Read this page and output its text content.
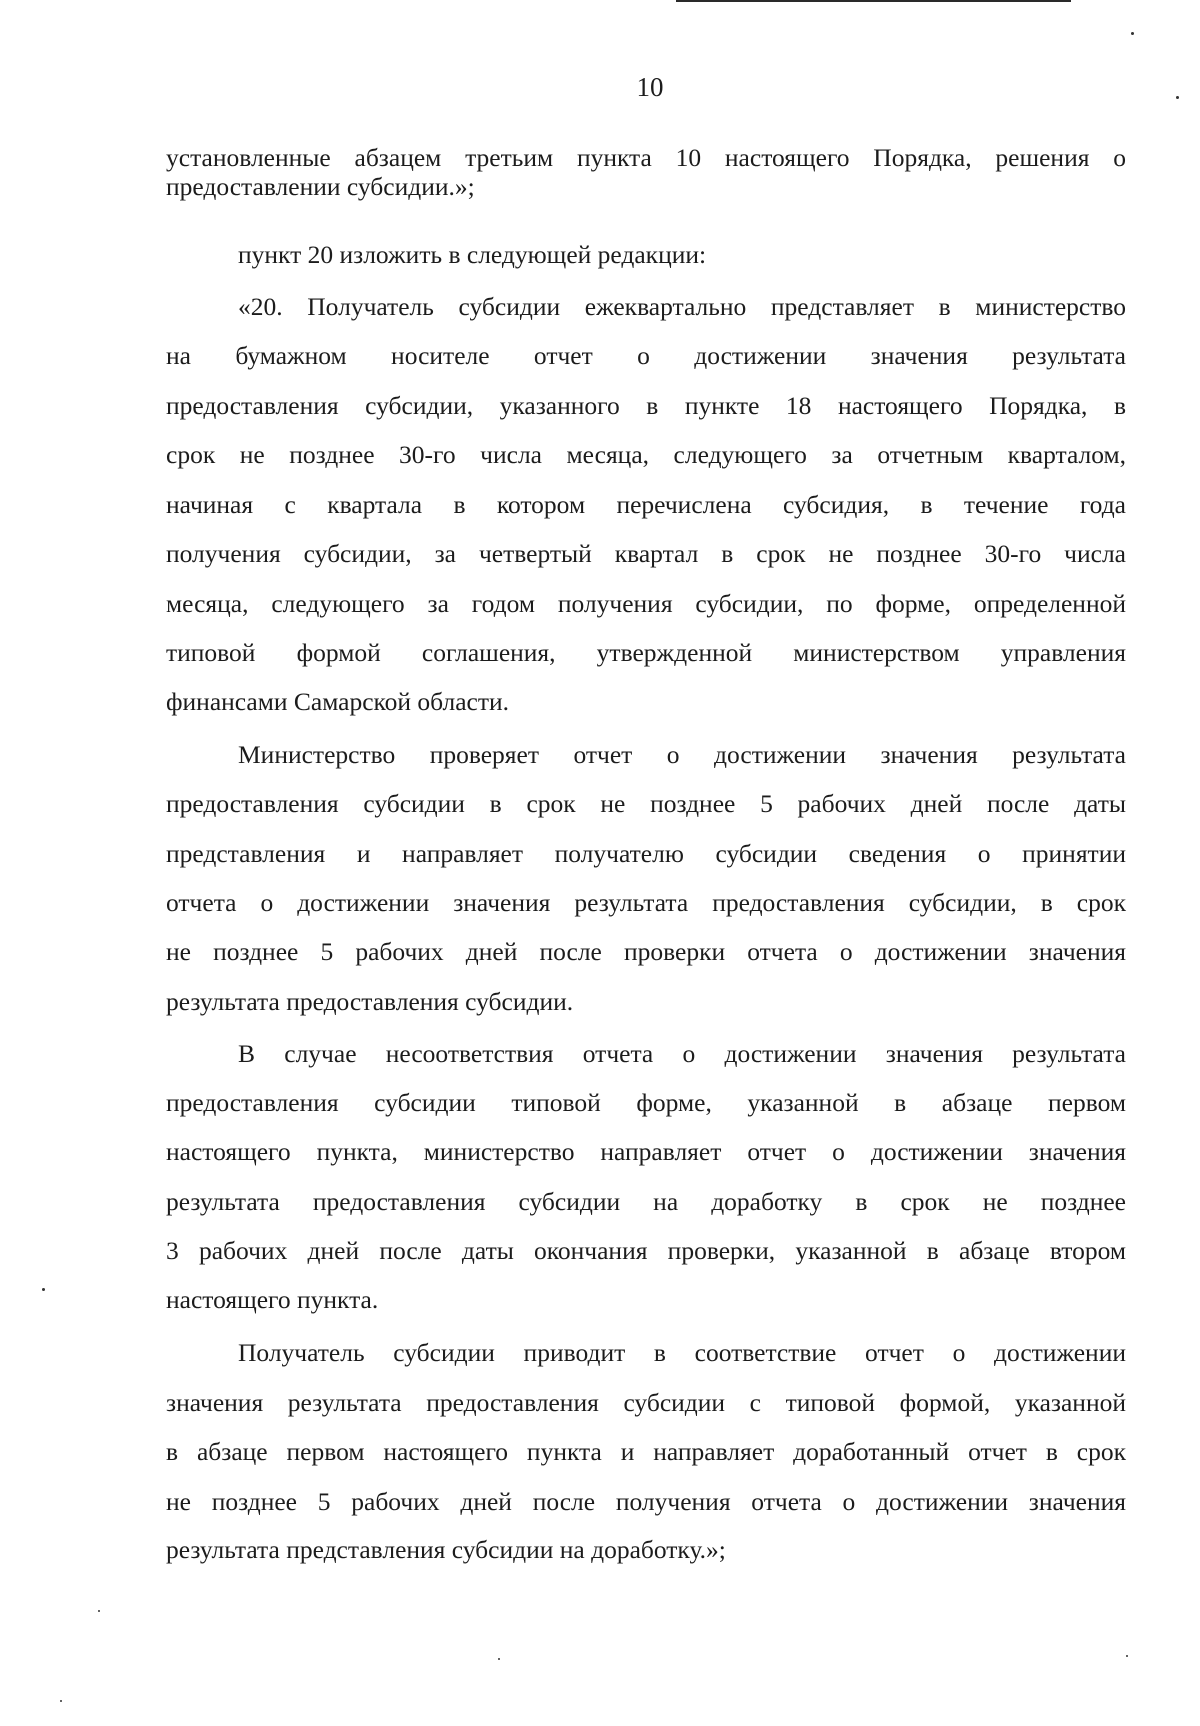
10
установленные абзацем третьим пункта 10 настоящего Порядка, решения о
предоставлении субсидии.»;
пункт 20 изложить в следующей редакции:
«20. Получатель субсидии ежеквартально представляет в министерство
на бумажном носителе отчет о достижении значения результата
предоставления субсидии, указанного в пункте 18 настоящего Порядка, в
срок не позднее 30-го числа месяца, следующего за отчетным кварталом,
начиная с квартала в котором перечислена субсидия, в течение года
получения субсидии, за четвертый квартал в срок не позднее 30-го числа
месяца, следующего за годом получения субсидии, по форме, определенной
типовой формой соглашения, утвержденной министерством управления
финансами Самарской области.
Министерство проверяет отчет о достижении значения результата
предоставления субсидии в срок не позднее 5 рабочих дней после даты
представления и направляет получателю субсидии сведения о принятии
отчета о достижении значения результата предоставления субсидии, в срок
не позднее 5 рабочих дней после проверки отчета о достижении значения
результата предоставления субсидии.
В случае несоответствия отчета о достижении значения результата
предоставления субсидии типовой форме, указанной в абзаце первом
настоящего пункта, министерство направляет отчет о достижении значения
результата предоставления субсидии на доработку в срок не позднее
3 рабочих дней после даты окончания проверки, указанной в абзаце втором
настоящего пункта.
Получатель субсидии приводит в соответствие отчет о достижении
значения результата предоставления субсидии с типовой формой, указанной
в абзаце первом настоящего пункта и направляет доработанный отчет в срок
не позднее 5 рабочих дней после получения отчета о достижении значения
результата представления субсидии на доработку.»;
